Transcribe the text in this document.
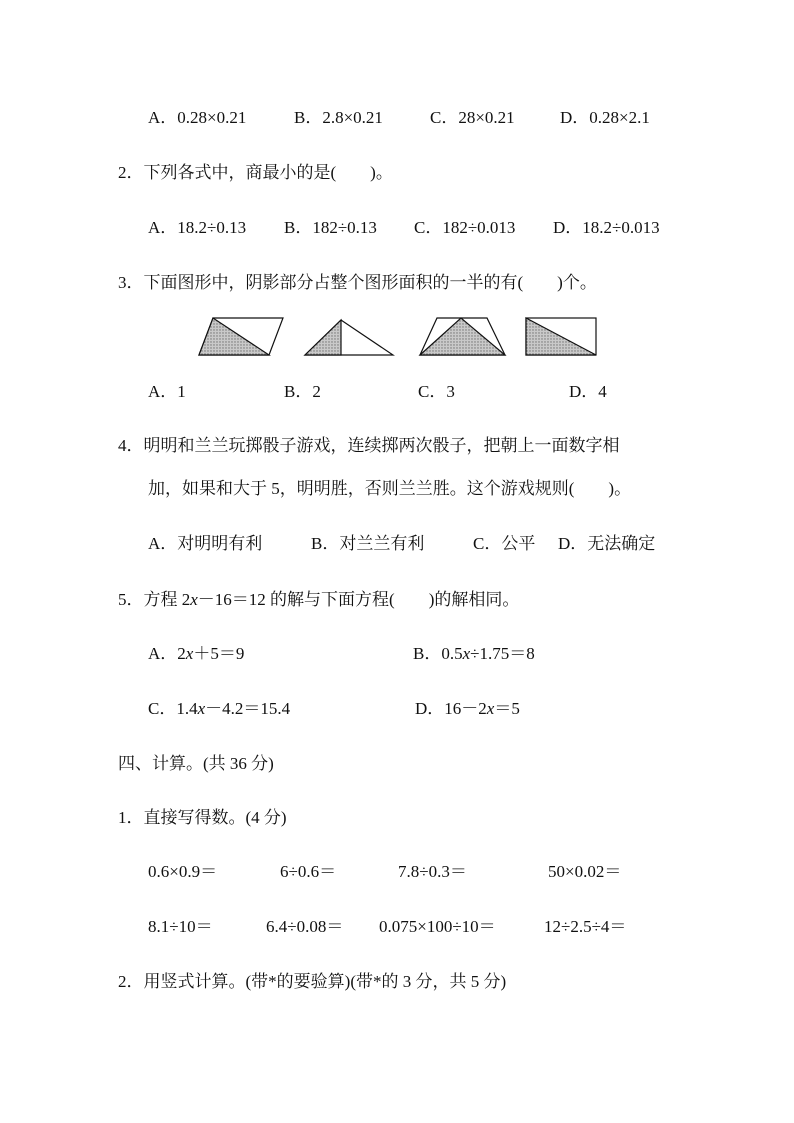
A．0.28×0.21	B．2.8×0.21	C．28×0.21	D．0.28×2.1
2．下列各式中，商最小的是(　　)。
A．18.2÷0.13 B．182÷0.13 C．182÷0.013 D．18.2÷0.013
3．下面图形中，阴影部分占整个图形面积的一半的有(　　)个。
A．1	B．2	C．3	D．4
4．明明和兰兰玩掷骰子游戏，连续掷两次骰子，把朝上一面数字相
加，如果和大于 5，明明胜，否则兰兰胜。这个游戏规则(　　)。
A．对明明有利	B．对兰兰有利	C．公平 D．无法确定
5．方程 2x－16＝12 的解与下面方程(　　)的解相同。
A．2x＋5＝9	B．0.5x÷1.75＝8
C．1.4x－4.2＝15.4	D．16－2x＝5
四、计算。(共 36 分)
1．直接写得数。(4 分)
0.6×0.9＝	6÷0.6＝	7.8÷0.3＝	50×0.02＝
8.1÷10＝	6.4÷0.08＝ 0.075×100÷10＝	12÷2.5÷4＝
2．用竖式计算。(带*的要验算)(带*的 3 分，共 5 分)
